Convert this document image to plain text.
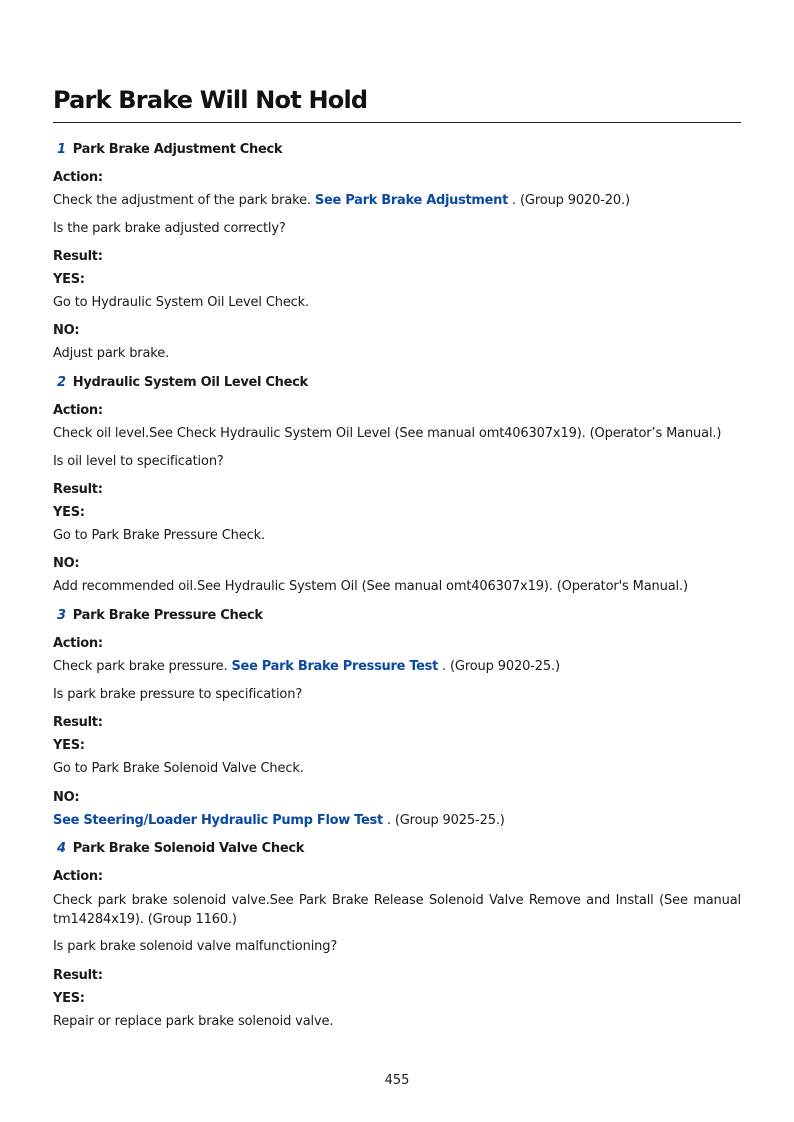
Park Brake Will Not Hold
1 Park Brake Adjustment Check
Action:
Check the adjustment of the park brake. See Park Brake Adjustment . (Group 9020-20.)
Is the park brake adjusted correctly?
Result:
YES:
Go to Hydraulic System Oil Level Check.
NO:
Adjust park brake.
2 Hydraulic System Oil Level Check
Action:
Check oil level.See Check Hydraulic System Oil Level (See manual omt406307x19). (Operator’s Manual.)
Is oil level to specification?
Result:
YES:
Go to Park Brake Pressure Check.
NO:
Add recommended oil.See Hydraulic System Oil (See manual omt406307x19). (Operator's Manual.)
3 Park Brake Pressure Check
Action:
Check park brake pressure. See Park Brake Pressure Test . (Group 9020-25.)
Is park brake pressure to specification?
Result:
YES:
Go to Park Brake Solenoid Valve Check.
NO:
See Steering/Loader Hydraulic Pump Flow Test . (Group 9025-25.)
4 Park Brake Solenoid Valve Check
Action:
Check park brake solenoid valve.See Park Brake Release Solenoid Valve Remove and Install (See manual tm14284x19). (Group 1160.)
Is park brake solenoid valve malfunctioning?
Result:
YES:
Repair or replace park brake solenoid valve.
455
